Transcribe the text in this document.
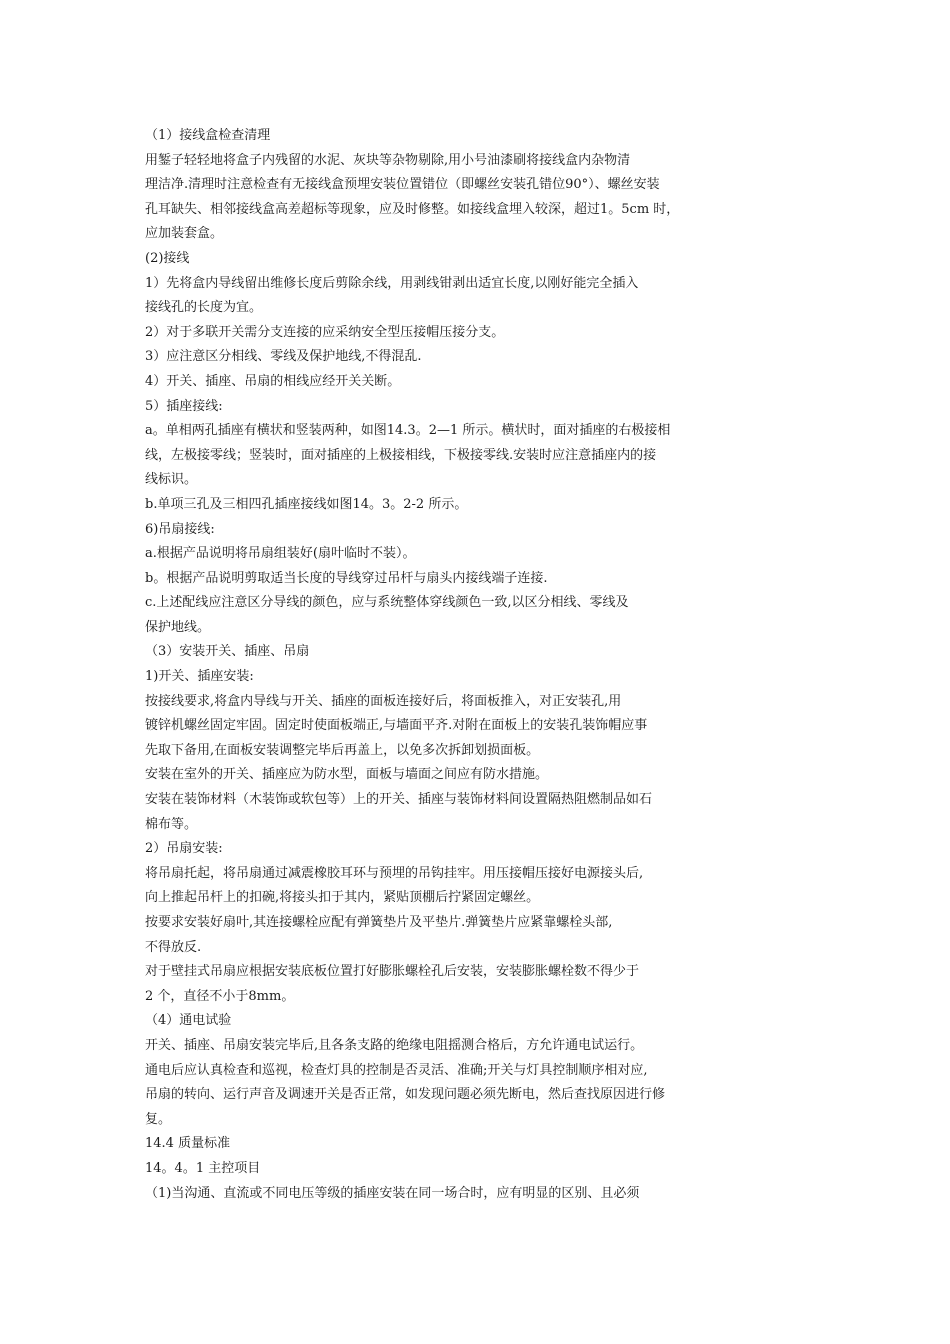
（1）接线盒检查清理
用錾子轻轻地将盒子内残留的水泥、灰块等杂物剔除,用小号油漆刷将接线盒内杂物清
理洁净.清理时注意检查有无接线盒预埋安装位置错位（即螺丝安装孔错位90°）、螺丝安装
孔耳缺失、相邻接线盒高差超标等现象，应及时修整。如接线盒埋入较深，超过1。5cm 时，
应加装套盒。
(2)接线
1）先将盒内导线留出维修长度后剪除余线，用剥线钳剥出适宜长度,以刚好能完全插入
接线孔的长度为宜。
2）对于多联开关需分支连接的应采纳安全型压接帽压接分支。
3）应注意区分相线、零线及保护地线,不得混乱.
4）开关、插座、吊扇的相线应经开关关断。
5）插座接线:
a。单相两孔插座有横状和竖装两种，如图14.3。2—1 所示。横状时，面对插座的右极接相
线，左极接零线；竖装时，面对插座的上极接相线，下极接零线.安装时应注意插座内的接
线标识。
b.单项三孔及三相四孔插座接线如图14。3。2-2 所示。
6)吊扇接线:
a.根据产品说明将吊扇组装好(扇叶临时不装）。
b。根据产品说明剪取适当长度的导线穿过吊杆与扇头内接线端子连接.
c.上述配线应注意区分导线的颜色，应与系统整体穿线颜色一致,以区分相线、零线及
保护地线。
（3）安装开关、插座、吊扇
1)开关、插座安装:
按接线要求,将盒内导线与开关、插座的面板连接好后，将面板推入，对正安装孔,用
镀锌机螺丝固定牢固。固定时使面板端正,与墙面平齐.对附在面板上的安装孔装饰帽应事
先取下备用,在面板安装调整完毕后再盖上，以免多次拆卸划损面板。
安装在室外的开关、插座应为防水型，面板与墙面之间应有防水措施。
安装在装饰材料（木装饰或软包等）上的开关、插座与装饰材料间设置隔热阻燃制品如石
棉布等。
2）吊扇安装:
将吊扇托起，将吊扇通过减震橡胶耳环与预埋的吊钩挂牢。用压接帽压接好电源接头后,
向上推起吊杆上的扣碗,将接头扣于其内，紧贴顶棚后拧紧固定螺丝。
按要求安装好扇叶,其连接螺栓应配有弹簧垫片及平垫片.弹簧垫片应紧靠螺栓头部,
不得放反.
对于壁挂式吊扇应根据安装底板位置打好膨胀螺栓孔后安装，安装膨胀螺栓数不得少于
2 个，直径不小于8mm。
（4）通电试验
开关、插座、吊扇安装完毕后,且各条支路的绝缘电阻摇测合格后，方允许通电试运行。
通电后应认真检查和巡视，检查灯具的控制是否灵活、准确;开关与灯具控制顺序相对应,
吊扇的转向、运行声音及调速开关是否正常，如发现问题必须先断电，然后查找原因进行修
复。
14.4 质量标准
14。4。1 主控项目
（1)当沟通、直流或不同电压等级的插座安装在同一场合时，应有明显的区别、且必须
